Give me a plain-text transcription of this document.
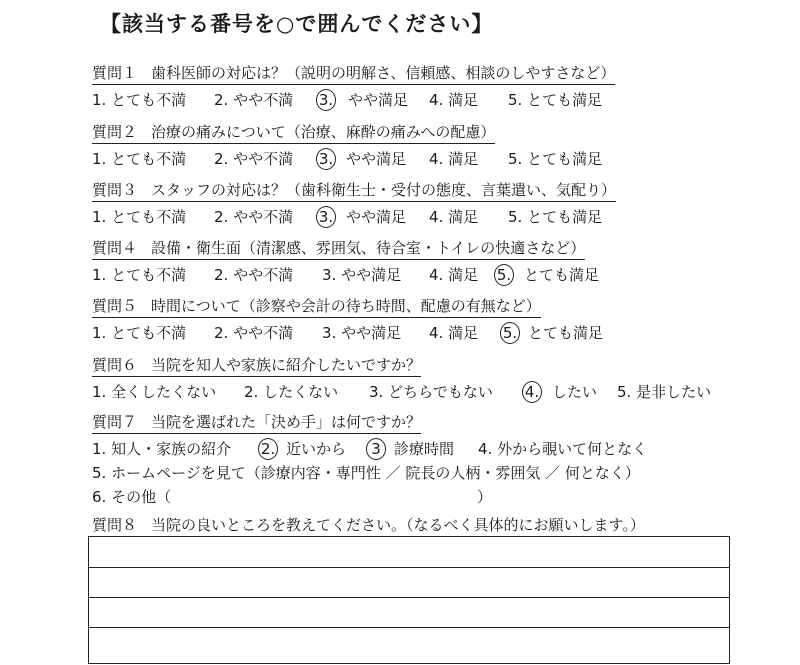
【該当する番号を○で囲んでください】
質問１ 歯科医師の対応は？（説明の明解さ、信頼感、相談のしやすさなど）
1. とても不満 2. やや不満 3. やや満足 4. 満足 5. とても満足
質問２ 治療の痛みについて（治療、麻酔の痛みへの配慮）
1. とても不満 2. やや不満 3. やや満足 4. 満足 5. とても満足
質問３ スタッフの対応は？（歯科衛生士・受付の態度、言葉遣い、気配り）
1. とても不満 2. やや不満 3. やや満足 4. 満足 5. とても満足
質問４ 設備・衛生面（清潔感、雰囲気、待合室・トイレの快適さなど）
1. とても不満 2. やや不満 3. やや満足 4. 満足 5. とても満足
質問５ 時間について（診察や会計の待ち時間、配慮の有無など）
1. とても不満 2. やや不満 3. やや満足 4. 満足 5. とても満足
質問６ 当院を知人や家族に紹介したいですか？
1. 全くしたくない 2. したくない 3. どちらでもない 4. したい 5. 是非したい
質問７ 当院を選ばれた「決め手」は何ですか？
1. 知人・家族の紹介 2. 近いから 3 診療時間 4. 外から覗いて何となく
5. ホームページを見て（診療内容・専門性 ／ 院長の人柄・雰囲気 ／ 何となく）
6. その他（	）
質問８ 当院の良いところを教えてください。（なるべく具体的にお願いします。）
